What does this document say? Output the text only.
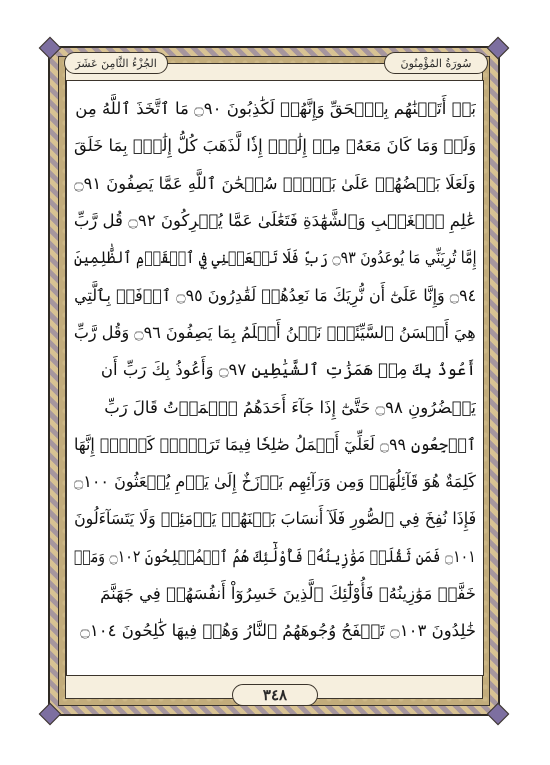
الجُزْءُ الثَّامِنَ عَشَرَ	سُورَةُ المُؤْمِنُونَ
بَلۡ أَتَيۡنَٰهُم بِٱلۡحَقِّ وَإِنَّهُمۡ لَكَٰذِبُونَ ۝٩٠ مَا ٱتَّخَذَ ٱللَّهُ مِن
وَلَدٖ وَمَا كَانَ مَعَهُۥ مِنۡ إِلَٰهٍۚ إِذٗا لَّذَهَبَ كُلُّ إِلَٰهِۭ بِمَا خَلَقَ
وَلَعَلَا بَعۡضُهُمۡ عَلَىٰ بَعۡضٖۚ سُبۡحَٰنَ ٱللَّهِ عَمَّا يَصِفُونَ ۝٩١
عَٰلِمِ ٱلۡغَيۡبِ وَٱلشَّهَٰدَةِ فَتَعَٰلَىٰ عَمَّا يُشۡرِكُونَ ۝٩٢ قُل رَّبِّ
إِمَّا تُرِيَنِّي مَا يُوعَدُونَ ۝٩٣ رَبِّ فَلَا تَجۡعَلۡنِي فِي ٱلۡقَوۡمِ ٱلظَّٰلِمِينَ
۝٩٤ وَإِنَّا عَلَىٰٓ أَن نُّرِيَكَ مَا نَعِدُهُمۡ لَقَٰدِرُونَ ۝٩٥ ٱدۡفَعۡ بِٱلَّتِي
هِيَ أَحۡسَنُ ٱلسَّيِّئَةَۚ نَحۡنُ أَعۡلَمُ بِمَا يَصِفُونَ ۝٩٦ وَقُل رَّبِّ
أَعُوذُ بِكَ مِنۡ هَمَزَٰتِ ٱلشَّيَٰطِينِ ۝٩٧ وَأَعُوذُ بِكَ رَبِّ أَن
يَحۡضُرُونِ ۝٩٨ حَتَّىٰٓ إِذَا جَآءَ أَحَدَهُمُ ٱلۡمَوۡتُ قَالَ رَبِّ
ٱرۡجِعُونِ ۝٩٩ لَعَلِّيٓ أَعۡمَلُ صَٰلِحٗا فِيمَا تَرَكۡتُۚ كَلَّآۚ إِنَّهَا
كَلِمَةٌ هُوَ قَآئِلُهَاۖ وَمِن وَرَآئِهِم بَرۡزَخٌ إِلَىٰ يَوۡمِ يُبۡعَثُونَ ۝١٠٠
فَإِذَا نُفِخَ فِي ٱلصُّورِ فَلَآ أَنسَابَ بَيۡنَهُمۡ يَوۡمَئِذٖ وَلَا يَتَسَآءَلُونَ
۝١٠١ فَمَن ثَقُلَتۡ مَوَٰزِينُهُۥ فَأُوْلَٰٓئِكَ هُمُ ٱلۡمُفۡلِحُونَ ۝١٠٢ وَمَنۡ
خَفَّتۡ مَوَٰزِينُهُۥ فَأُوْلَٰٓئِكَ ٱلَّذِينَ خَسِرُوٓاْ أَنفُسَهُمۡ فِي جَهَنَّمَ
خَٰلِدُونَ ۝١٠٣ تَلۡفَحُ وُجُوهَهُمُ ٱلنَّارُ وَهُمۡ فِيهَا كَٰلِحُونَ ۝١٠٤
٣٤٨
